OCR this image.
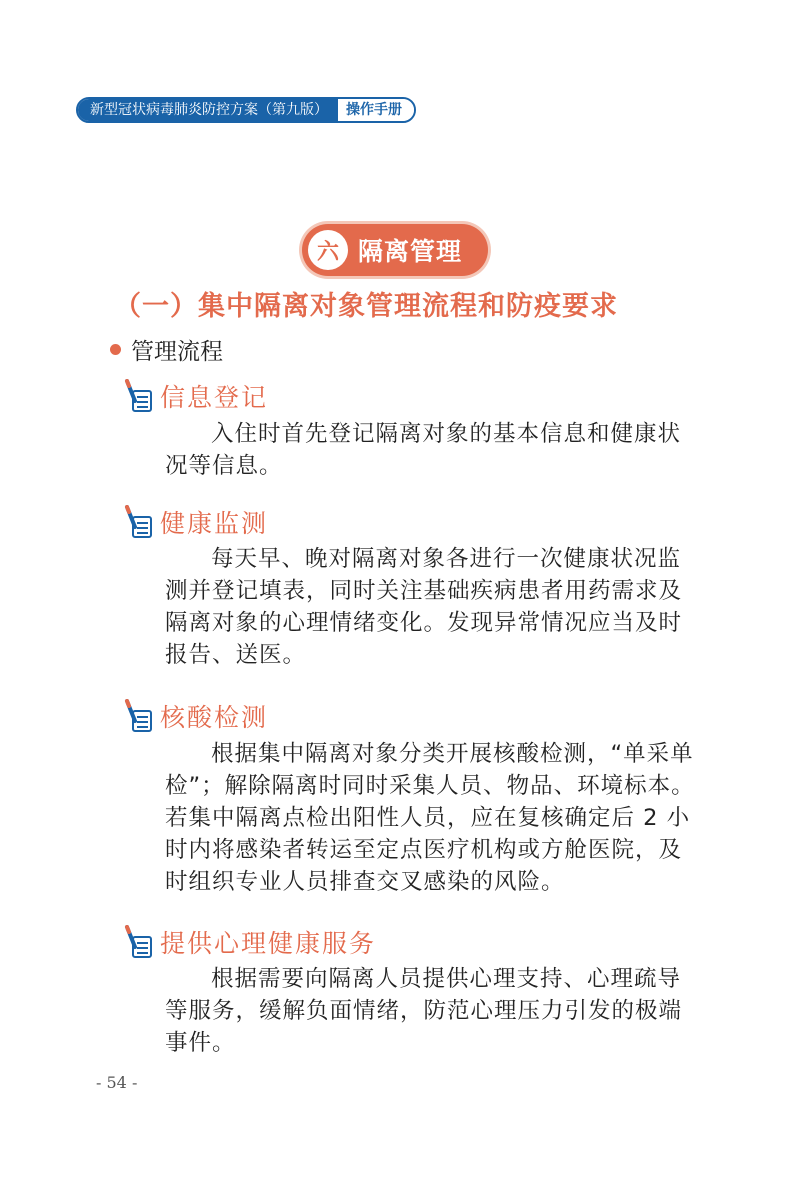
新型冠状病毒肺炎防控方案（第九版）	操作手册
六 隔离管理
（一）集中隔离对象管理流程和防疫要求
管理流程
信息登记

入住时首先登记隔离对象的基本信息和健康状况等信息。

健康监测

每天早、晚对隔离对象各进行一次健康状况监测并登记填表，同时关注基础疾病患者用药需求及隔离对象的心理情绪变化。发现异常情况应当及时报告、送医。

核酸检测

根据集中隔离对象分类开展核酸检测，“单采单检”；解除隔离时同时采集人员、物品、环境标本。若集中隔离点检出阳性人员，应在复核确定后 2 小时内将感染者转运至定点医疗机构或方舱医院，及时组织专业人员排查交叉感染的风险。

提供心理健康服务

根据需要向隔离人员提供心理支持、心理疏导等服务，缓解负面情绪，防范心理压力引发的极端事件。

- 54 -
